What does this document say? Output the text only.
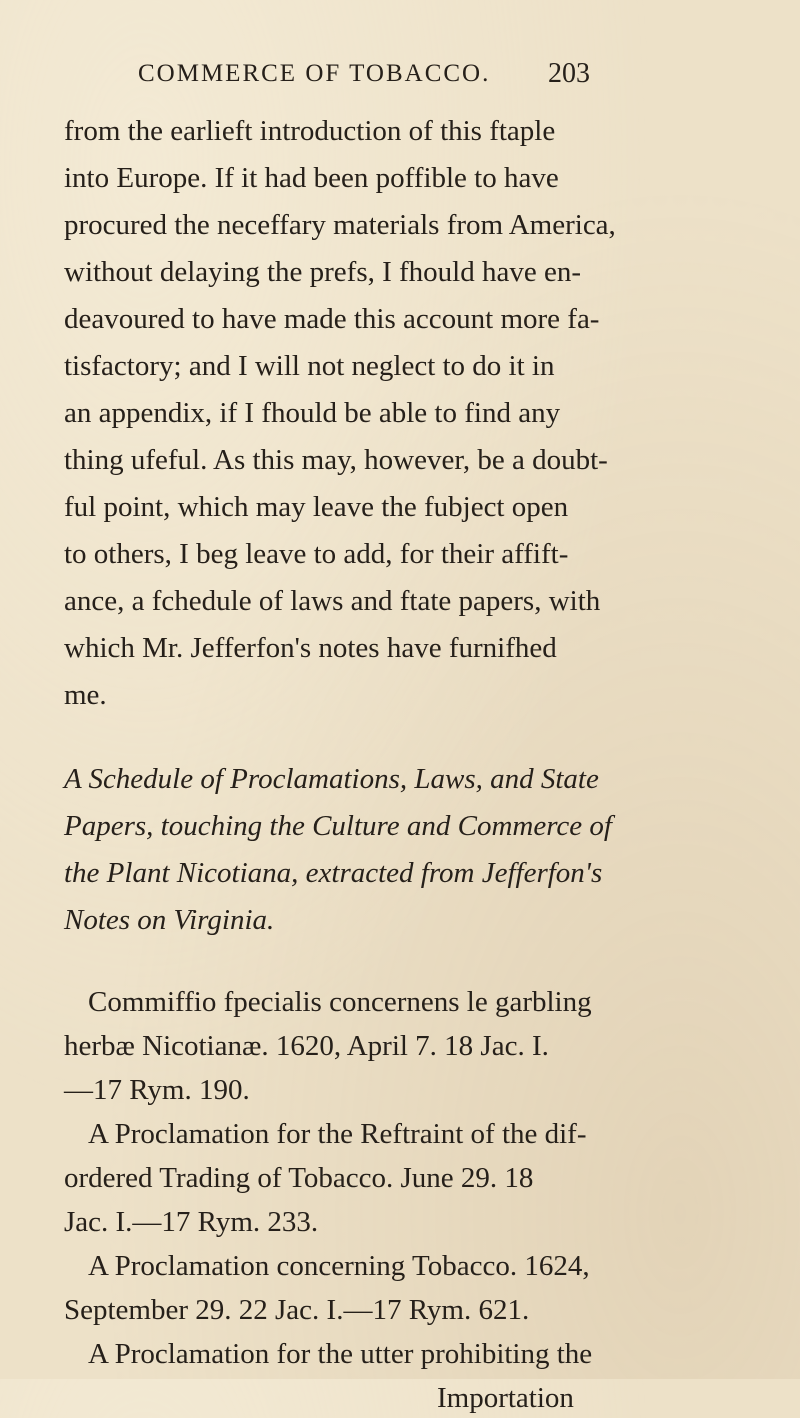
COMMERCE OF TOBACCO. 203
from the earlieft introduction of this ftaple
into Europe. If it had been poffible to have
procured the neceffary materials from America,
without delaying the prefs, I fhould have en-
deavoured to have made this account more fa-
tisfactory; and I will not neglect to do it in
an appendix, if I fhould be able to find any
thing ufeful. As this may, however, be a doubt-
ful point, which may leave the fubject open
to others, I beg leave to add, for their affift-
ance, a fchedule of laws and ftate papers, with
which Mr. Jefferfon's notes have furnifhed
me.
A Schedule of Proclamations, Laws, and State
Papers, touching the Culture and Commerce of
the Plant Nicotiana, extracted from Jefferfon's
Notes on Virginia.
Commiffio fpecialis concernens le garbling
herbæ Nicotianæ. 1620, April 7. 18 Jac. I.
—17 Rym. 190.
A Proclamation for the Reftraint of the dif-
ordered Trading of Tobacco. June 29. 18
Jac. I.—17 Rym. 233.
A Proclamation concerning Tobacco. 1624,
September 29. 22 Jac. I.—17 Rym. 621.
A Proclamation for the utter prohibiting the
Importation
